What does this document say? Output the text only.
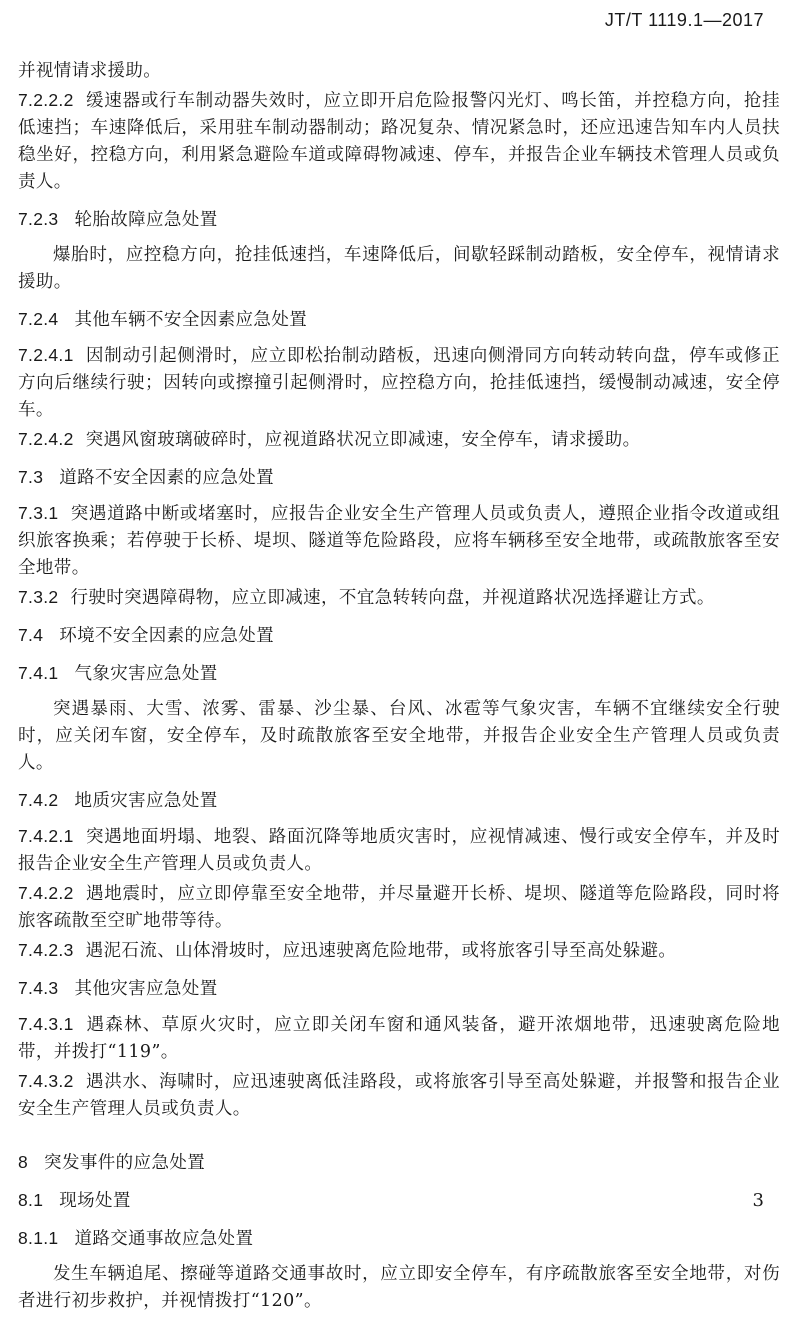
JT/T 1119.1—2017

并视情请求援助。

7.2.2.2 缓速器或行车制动器失效时，应立即开启危险报警闪光灯、鸣长笛，并控稳方向，抢挂低速挡；车速降低后，采用驻车制动器制动；路况复杂、情况紧急时，还应迅速告知车内人员扶稳坐好，控稳方向，利用紧急避险车道或障碍物减速、停车，并报告企业车辆技术管理人员或负责人。

7.2.3 轮胎故障应急处置

爆胎时，应控稳方向，抢挂低速挡，车速降低后，间歇轻踩制动踏板，安全停车，视情请求援助。

7.2.4 其他车辆不安全因素应急处置

7.2.4.1 因制动引起侧滑时，应立即松抬制动踏板，迅速向侧滑同方向转动转向盘，停车或修正方向后继续行驶；因转向或擦撞引起侧滑时，应控稳方向，抢挂低速挡，缓慢制动减速，安全停车。

7.2.4.2 突遇风窗玻璃破碎时，应视道路状况立即减速，安全停车，请求援助。

7.3 道路不安全因素的应急处置

7.3.1 突遇道路中断或堵塞时，应报告企业安全生产管理人员或负责人，遵照企业指令改道或组织旅客换乘；若停驶于长桥、堤坝、隧道等危险路段，应将车辆移至安全地带，或疏散旅客至安全地带。

7.3.2 行驶时突遇障碍物，应立即减速，不宜急转转向盘，并视道路状况选择避让方式。

7.4 环境不安全因素的应急处置

7.4.1 气象灾害应急处置

突遇暴雨、大雪、浓雾、雷暴、沙尘暴、台风、冰雹等气象灾害，车辆不宜继续安全行驶时，应关闭车窗，安全停车，及时疏散旅客至安全地带，并报告企业安全生产管理人员或负责人。

7.4.2 地质灾害应急处置

7.4.2.1 突遇地面坍塌、地裂、路面沉降等地质灾害时，应视情减速、慢行或安全停车，并及时报告企业安全生产管理人员或负责人。

7.4.2.2 遇地震时，应立即停靠至安全地带，并尽量避开长桥、堤坝、隧道等危险路段，同时将旅客疏散至空旷地带等待。

7.4.2.3 遇泥石流、山体滑坡时，应迅速驶离危险地带，或将旅客引导至高处躲避。

7.4.3 其他灾害应急处置

7.4.3.1 遇森林、草原火灾时，应立即关闭车窗和通风装备，避开浓烟地带，迅速驶离危险地带，并拨打“119”。

7.4.3.2 遇洪水、海啸时，应迅速驶离低洼路段，或将旅客引导至高处躲避，并报警和报告企业安全生产管理人员或负责人。

8 突发事件的应急处置

8.1 现场处置

8.1.1 道路交通事故应急处置

发生车辆追尾、擦碰等道路交通事故时，应立即安全停车，有序疏散旅客至安全地带，对伤者进行初步救护，并视情拨打“120”。

3
